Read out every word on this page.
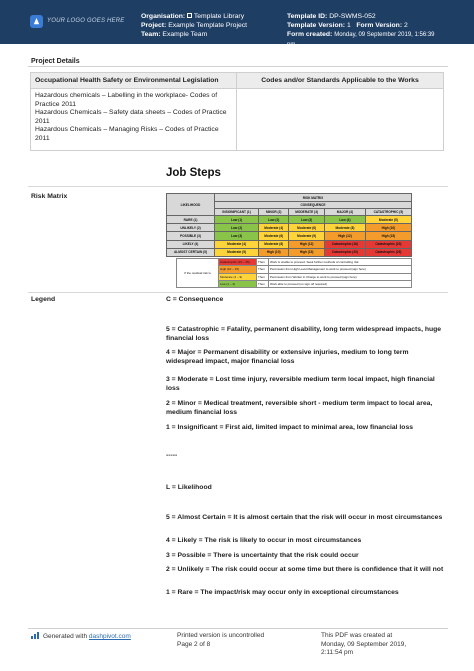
YOUR LOGO GOES HERE
Organisation: Template Library
Project: Example Template Project
Team: Example Team
Template ID: DP-SWMS-052
Template Version: 1 Form Version: 2
Form created: Monday, 09 September 2019, 1:56:39
pm
Project Details
Occupational Health Safety or Environmental Legislation	Codes and/or Standards Applicable to the Works

Hazardous chemicals – Labelling in the workplace- Codes of Practice 2011
Hazardous Chemicals – Safety data sheets – Codes of Practice 2011
Hazardous Chemicals – Managing Risks – Codes of Practice 2011	

Job Steps
Risk Matrix
LIKELIHOOD	RISK MATRIX				
	CONSEQUENCE				
	INSIGNIFICANT (1)	MINOR (2)	MODERATE (3)	MAJOR (4)	CATASTROPHIC (5)
RARE (1)	Low (1)	Low (2)	Low (3)	Low (4)	Moderate (5)
UNLIKELY (2)	Low (2)	Moderate (4)	Moderate (6)	Moderate (8)	High (10)
POSSIBLE (3)	Low (3)	Moderate (6)	Moderate (9)	High (12)	High (15)
LIKELY (4)	Moderate (4)	Moderate (8)	High (12)	Catastrophic (16)	Catastrophic (20)
ALMOST CERTAIN (5)	Moderate (5)	High (10)	High (15)	Catastrophic (20)	Catastrophic (25)
If the residual risk is	Catastrophic (16 – 25)	Then	Work is unable to proceed. Seek further methods of controlling risk
	High (10 – 15)	Then	Permission from High Level Management to work to proceed (sign here)
	Moderate (4 – 9)	Then	Permission from Worker in Charge to work to proceed (sign here)
	Low (1 – 3)	Then	Work able to proceed (no sign off required)
Legend	C = Consequence

5 = Catastrophic = Fatality, permanent disability, long term widespread impacts, huge financial loss

4 = Major = Permanent disability or extensive injuries, medium to long term widespread impact, major financial loss

3 = Moderate = Lost time injury, reversible medium term local impact, high financial loss

2 = Minor = Medical treatment, reversible short - medium term impact to local area, medium financial loss

1 = Insignificant = First aid, limited impact to minimal area, low financial loss

-----

L = Likelihood

5 = Almost Certain = It is almost certain that the risk will occur in most circumstances

4 = Likely = The risk is likely to occur in most circumstances

3 = Possible = There is uncertainty that the risk could occur

2 = Unlikely = The risk could occur at some time but there is confidence that it will not

1 = Rare = The impact/risk may occur only in exceptional circumstances

Generated with dashpivot.com	Printed version is uncontrolled
Page 2 of 8
This PDF was created at
Monday, 09 September 2019,
2:11:54 pm
